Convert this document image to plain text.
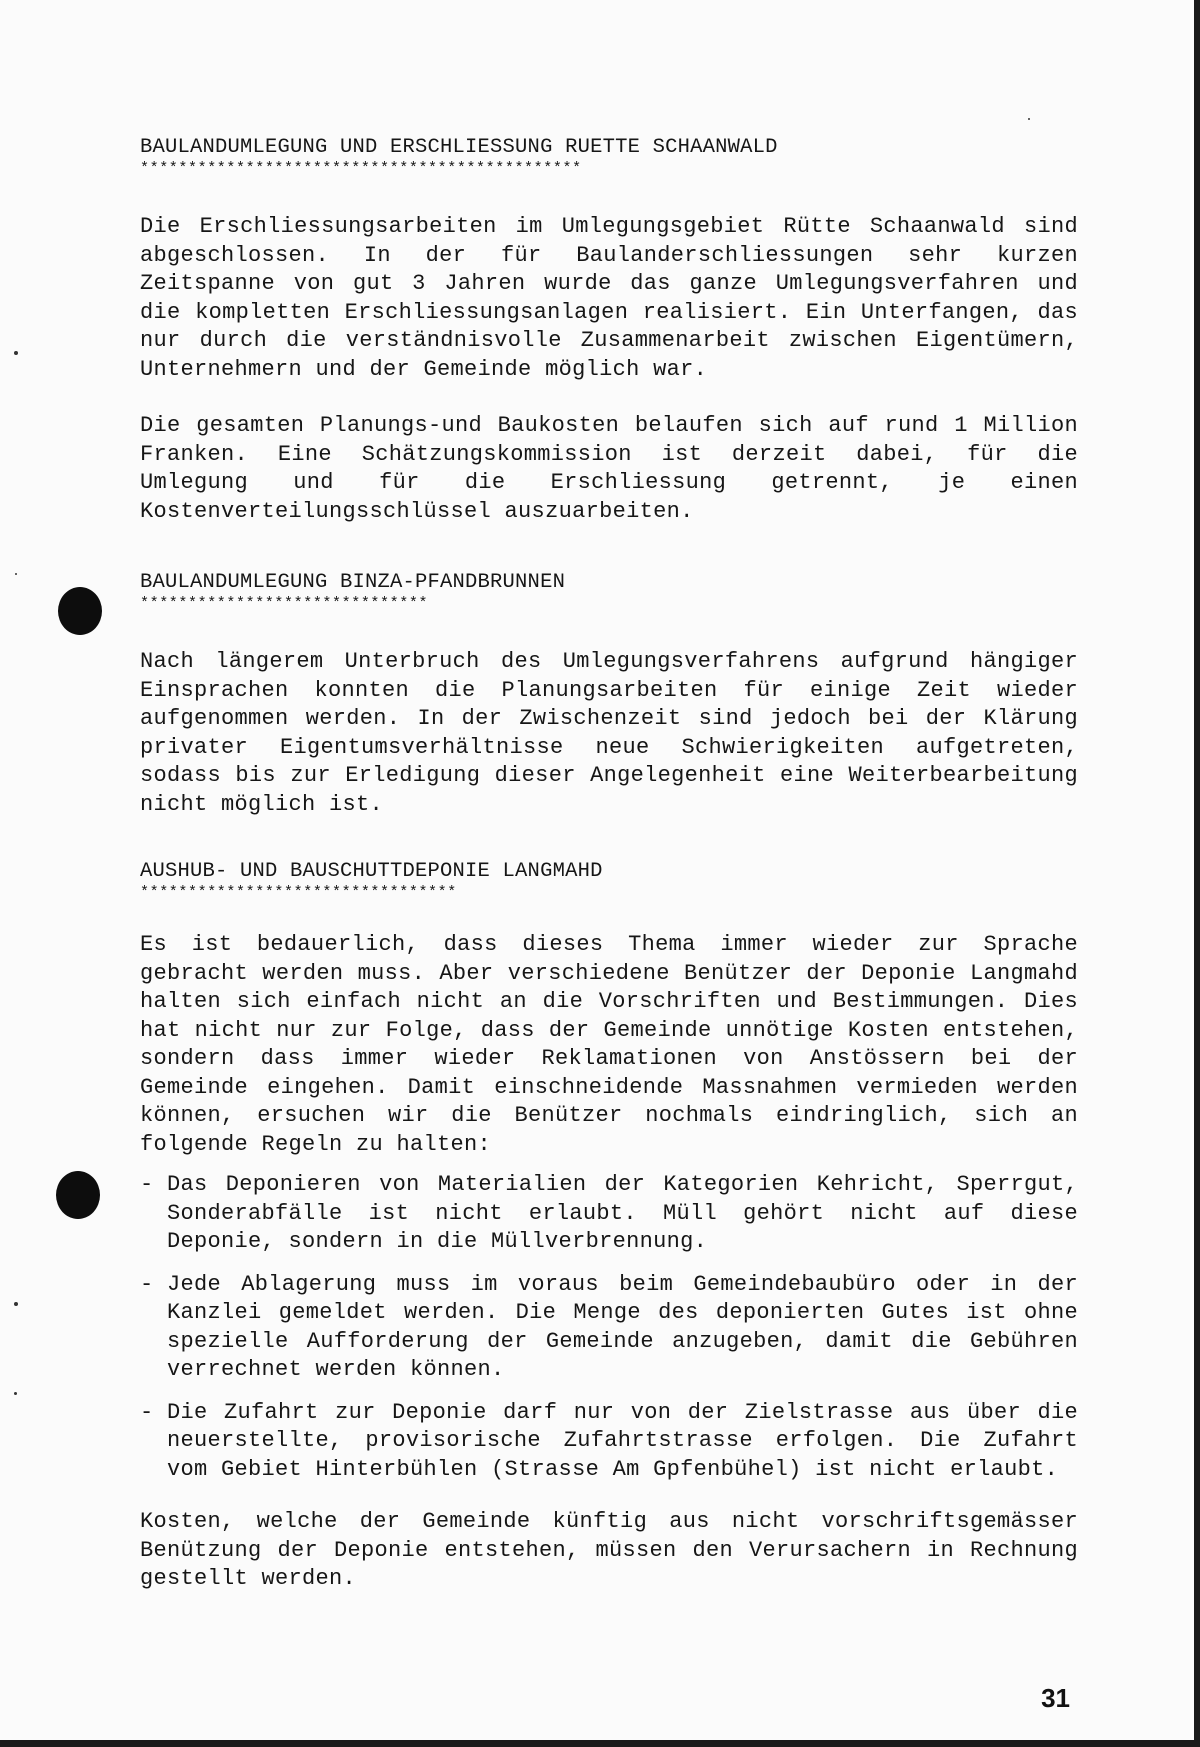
BAULANDUMLEGUNG UND ERSCHLIESSUNG RUETTE SCHAANWALD
**********************************************

Die Erschliessungsarbeiten im Umlegungsgebiet Rütte Schaanwald sind abgeschlossen. In der für Baulanderschliessungen sehr kurzen Zeitspanne von gut 3 Jahren wurde das ganze Umlegungsverfahren und die kompletten Erschliessungsanlagen realisiert. Ein Unterfangen, das nur durch die verständnisvolle Zusammenarbeit zwischen Eigentümern, Unternehmern und der Gemeinde möglich war.

Die gesamten Planungs-und Baukosten belaufen sich auf rund 1 Million Franken. Eine Schätzungskommission ist derzeit dabei, für die Umlegung und für die Erschliessung getrennt, je einen Kostenverteilungsschlüssel auszuarbeiten.

BAULANDUMLEGUNG BINZA-PFANDBRUNNEN
******************************

Nach längerem Unterbruch des Umlegungsverfahrens aufgrund hängiger Einsprachen konnten die Planungsarbeiten für einige Zeit wieder aufgenommen werden. In der Zwischenzeit sind jedoch bei der Klärung privater Eigentumsverhältnisse neue Schwierigkeiten aufgetreten, sodass bis zur Erledigung dieser Angelegenheit eine Weiterbearbeitung nicht möglich ist.

AUSHUB- UND BAUSCHUTTDEPONIE LANGMAHD
*********************************

Es ist bedauerlich, dass dieses Thema immer wieder zur Sprache gebracht werden muss. Aber verschiedene Benützer der Deponie Langmahd halten sich einfach nicht an die Vorschriften und Bestimmungen. Dies hat nicht nur zur Folge, dass der Gemeinde unnötige Kosten entstehen, sondern dass immer wieder Reklamationen von Anstössern bei der Gemeinde eingehen. Damit einschneidende Massnahmen vermieden werden können, ersuchen wir die Benützer nochmals eindringlich, sich an folgende Regeln zu halten:

- Das Deponieren von Materialien der Kategorien Kehricht, Sperrgut, Sonderabfälle ist nicht erlaubt. Müll gehört nicht auf diese Deponie, sondern in die Müllverbrennung.
- Jede Ablagerung muss im voraus beim Gemeindebaubüro oder in der Kanzlei gemeldet werden. Die Menge des deponierten Gutes ist ohne spezielle Aufforderung der Gemeinde anzugeben, damit die Gebühren verrechnet werden können.
- Die Zufahrt zur Deponie darf nur von der Zielstrasse aus über die neuerstellte, provisorische Zufahrtstrasse erfolgen. Die Zufahrt vom Gebiet Hinterbühlen (Strasse Am Gpfenbühel) ist nicht erlaubt.

Kosten, welche der Gemeinde künftig aus nicht vorschriftsgemässer Benützung der Deponie entstehen, müssen den Verursachern in Rechnung gestellt werden.

31
